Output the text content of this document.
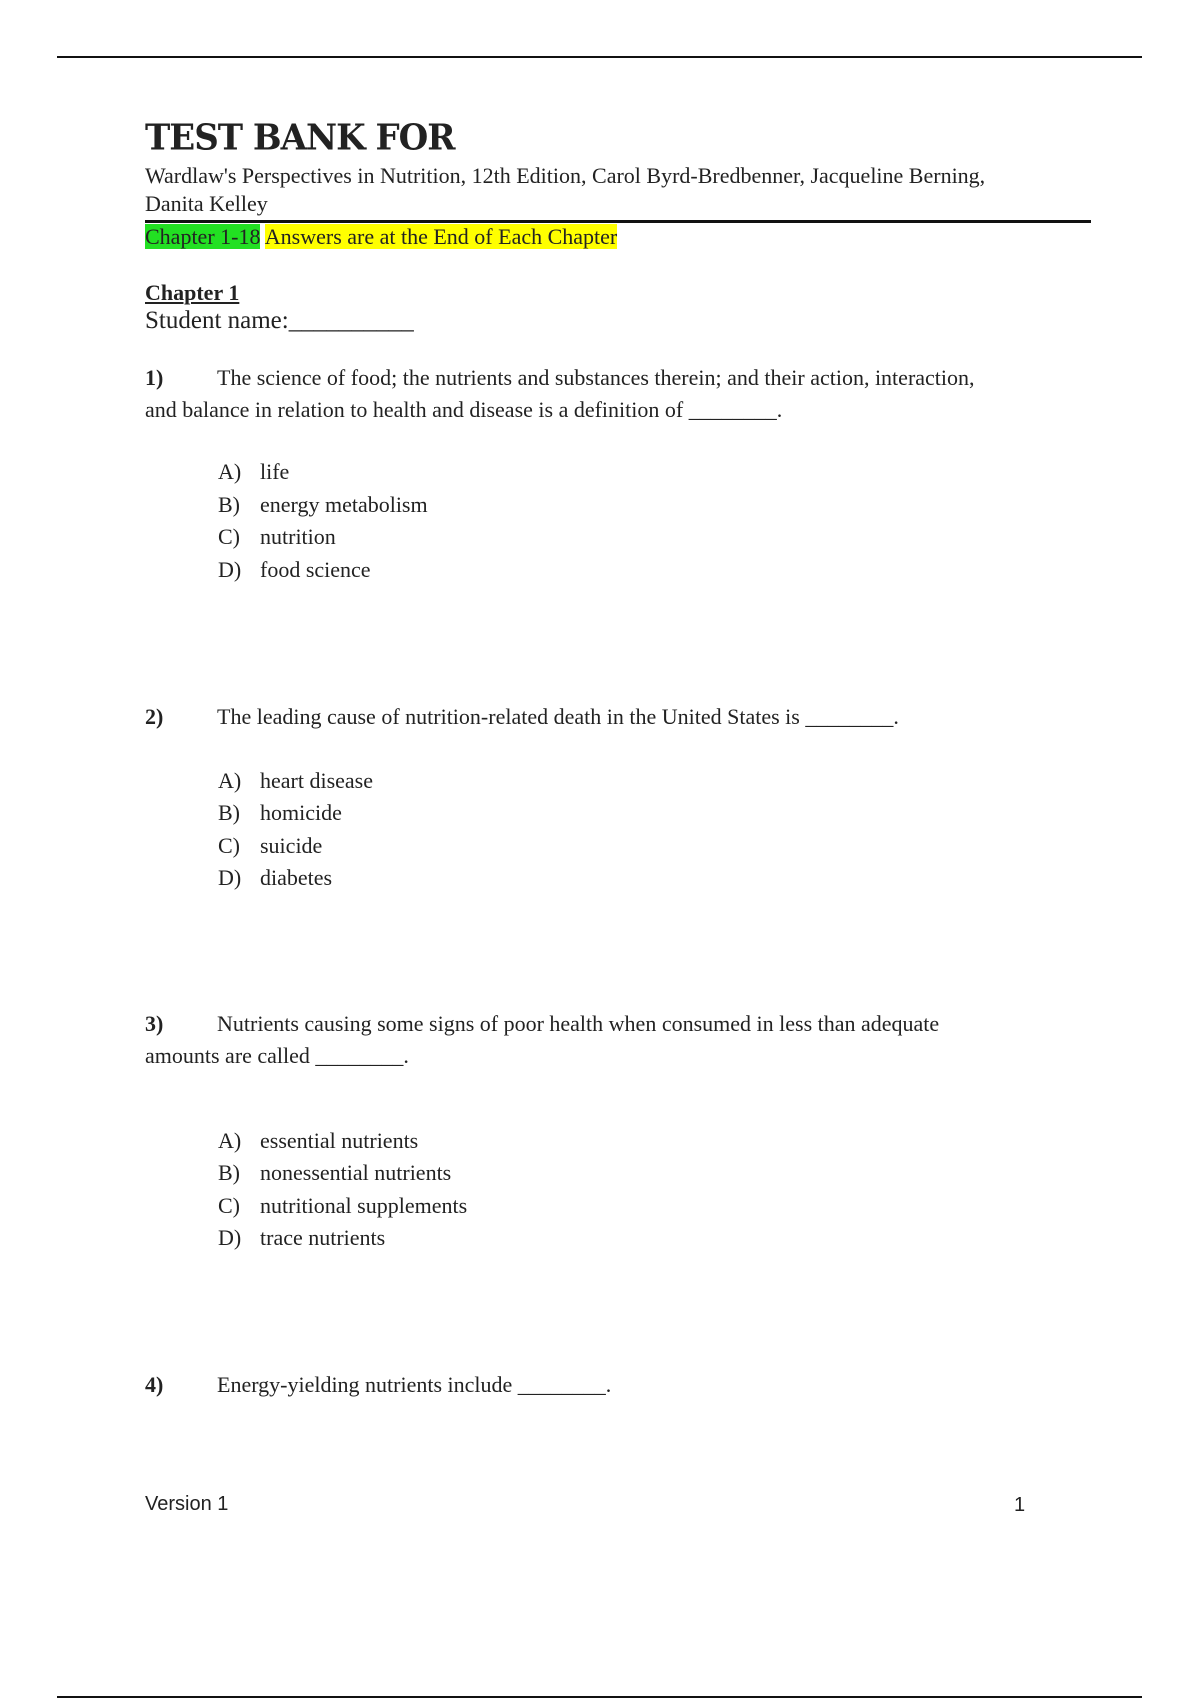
TEST BANK FOR
Wardlaw's Perspectives in Nutrition, 12th Edition, Carol Byrd-Bredbenner, Jacqueline Berning,
Danita Kelley
Chapter 1-18 Answers are at the End of Each Chapter
Chapter 1
Student name:__________
1) The science of food; the nutrients and substances therein; and their action, interaction,
and balance in relation to health and disease is a definition of ________.
A) life
B) energy metabolism
C) nutrition
D) food science
2) The leading cause of nutrition-related death in the United States is ________.
A) heart disease
B) homicide
C) suicide
D) diabetes
3) Nutrients causing some signs of poor health when consumed in less than adequate
amounts are called ________.
A) essential nutrients
B) nonessential nutrients
C) nutritional supplements
D) trace nutrients
4) Energy-yielding nutrients include ________.
Version 1	1
